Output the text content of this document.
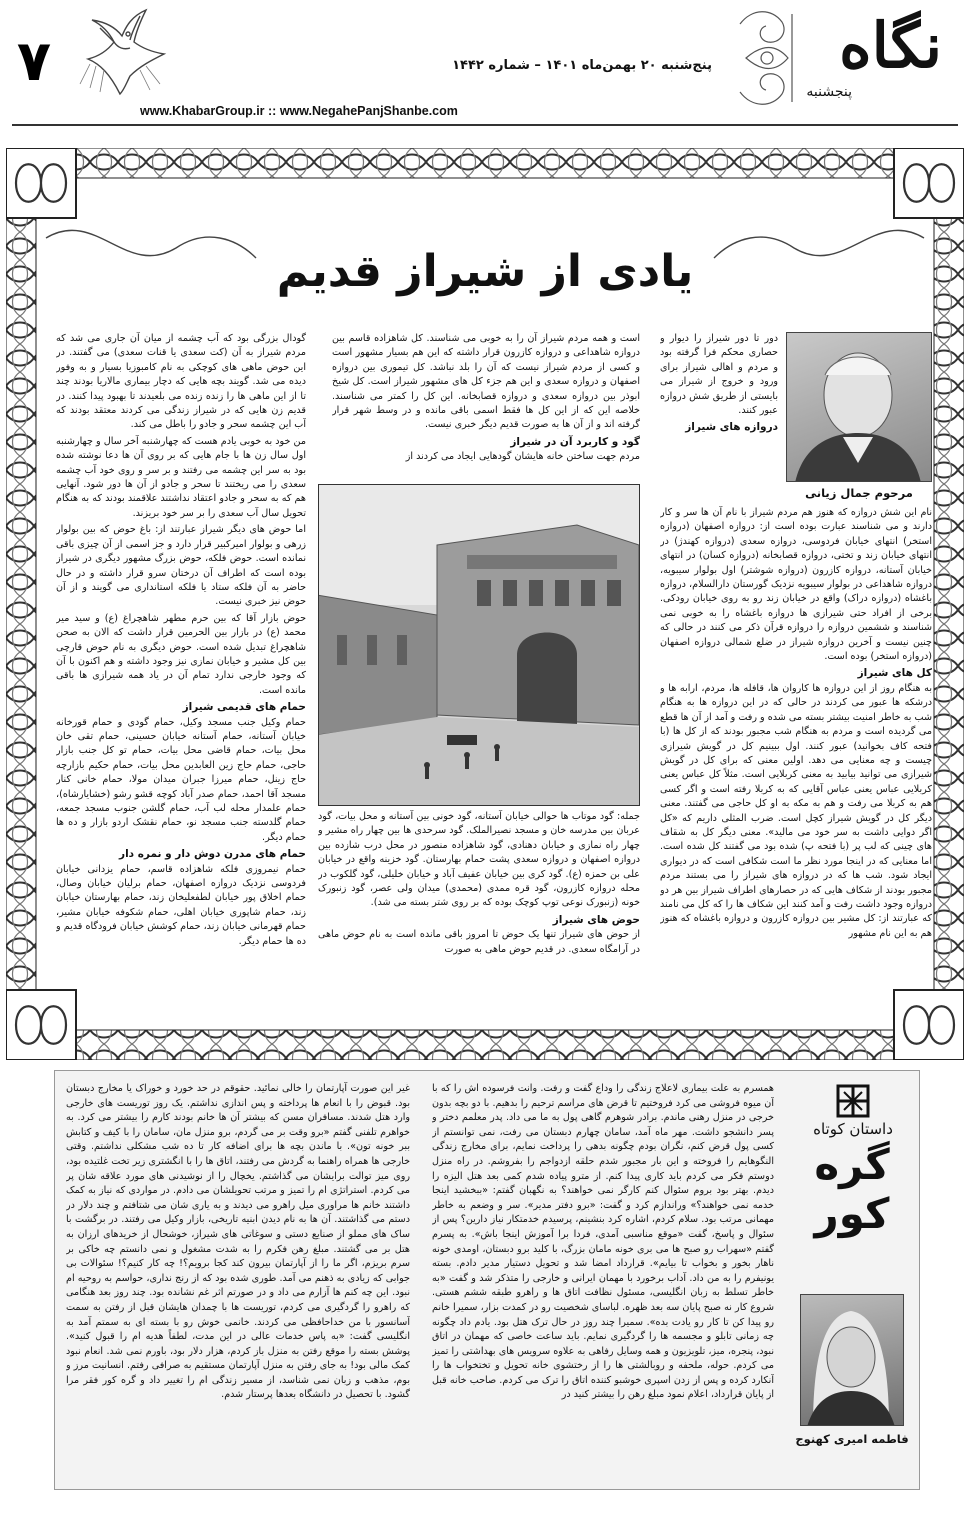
۷	نگاه
پنجشنبه
پنج‌شنبه ۲۰ بهمن‌ماه ۱۴۰۱ – شماره ۱۴۴۲
www.KhabarGroup.ir :: www.NegahePanjShanbe.com
یادی از شیراز قدیم

دور تا دور شیراز را دیوار و حصاری محکم فرا گرفته بود و مردم و اهالی شیراز برای ورود و خروج از شیراز می بایستی از طریق شش دروازه عبور کنند.

دروازه های شیراز
مرحوم جمال زیانی

نام این شش دروازه که هنوز هم مردم شیراز با نام آن ها سر و کار دارند و می شناسند عبارت بوده است از: دروازه اصفهان (دروازه استخر) انتهای خیابان فردوسی، دروازه سعدی (دروازه کهندژ) در انتهای خیابان زند و تختی، دروازه قصابخانه (دروازه کسان) در انتهای خیابان آستانه، دروازه کازرون (دروازه شوشتر) اول بولوار سیبویه، دروازه شاهداعی در بولوار سیبویه نزدیک گورستان دارالسلام، دروازه باغشاه (دروازه دراک) واقع در خیابان زند رو به روی خیابان رودکی. برخی از افراد حتی شیرازی ها دروازه باغشاه را به خوبی نمی شناسند و ششمین دروازه را دروازه قرآن ذکر می کنند در حالی که چنین نیست و آخرین دروازه شیراز در ضلع شمالی دروازه اصفهان (دروازه استخر) بوده است.

کل های شیراز

به هنگام روز از این دروازه ها کاروان ها، قافله ها، مردم، ارابه ها و درشکه ها عبور می کردند در حالی که در این دروازه ها به هنگام شب به خاطر امنیت بیشتر بسته می شده و رفت و آمد از آن ها قطع می گردیده است و مردم به هنگام شب مجبور بودند که از کل ها (با فتحه کاف بخوانید) عبور کنند. اول ببینیم کل در گویش شیرازی چیست و چه معنایی می دهد. اولین معنی که برای کل در گویش شیرازی می توانید بیابید به معنی کربلایی است. مثلاً کل عباس یعنی کربلایی عباس یعنی عباس آقایی که به کربلا رفته است و اگر کسی هم به کربلا می رفت و هم به مکه به او کل حاجی می گفتند. معنی دیگر کل در گویش شیراز کچل است. ضرب المثلی داریم که «کل اگر دوایی داشت به سر خود می مالید». معنی دیگر کل به شقاف های چینی که لب پر (با فتحه پ) شده بود می گفتند کل شده است. اما معنایی که در اینجا مورد نظر ما است شکافی است که در دیواری ایجاد شود. شب ها که در دروازه های شیراز را می بستند مردم مجبور بودند از شکاف هایی که در حصارهای اطراف شیراز بین هر دو دروازه وجود داشت رفت و آمد کنند این شکاف ها را که کل می نامند که عبارتند از: کل مشیر بین دروازه کازرون و دروازه باغشاه که هنوز هم به این نام مشهور

است و همه مردم شیراز آن را به خوبی می شناسند. کل شاهزاده قاسم بین دروازه شاهداعی و دروازه کازرون قرار داشته که این هم بسیار مشهور است و کسی از مردم شیراز نیست که آن را بلد نباشد. کل تیموری بین دروازه اصفهان و دروازه سعدی و این هم جزء کل های مشهور شیراز است. کل شیخ ابوذر بین دروازه سعدی و دروازه قصابخانه. این کل را کمتر می شناسند. خلاصه این که از این کل ها فقط اسمی باقی مانده و در وسط شهر قرار گرفته اند و از آن ها به صورت قدیم دیگر خبری نیست.

گود و کاربرد آن در شیراز

مردم جهت ساختن خانه هایشان گودهایی ایجاد می کردند از

جمله: گود موتاب ها حوالی خیابان آستانه، گود خونی بین آستانه و محل بیات، گود عربان بین مدرسه خان و مسجد نصیرالملک. گود سرحدی ها بین چهار راه مشیر و چهار راه نمازی و خیابان دهنادی، گود شاهزاده منصور در محل درب شازده بین دروازه اصفهان و دروازه سعدی پشت حمام بهارستان. گود خزینه واقع در خیابان علی بن حمزه (ع). گود کری بین خیابان عفیف آباد و خیابان خلیلی، گود گلکوب در محله دروازه کازرون، گود قره ممدی (محمدی) میدان ولی عصر، گود زنبورک خونه (زنبورک نوعی توپ کوچک بوده که بر روی شتر بسته می شد).

حوض های شیراز

از حوض های شیراز تنها یک حوض تا امروز باقی مانده است به نام حوض ماهی در آرامگاه سعدی. در قدیم حوض ماهی به صورت

گودال بزرگی بود که آب چشمه از میان آن جاری می شد که مردم شیراز به آن (کت سعدی یا قنات سعدی) می گفتند. در این حوض ماهی های کوچکی به نام کامبوزیا بسیار و به وفور دیده می شد. گویند بچه هایی که دچار بیماری مالاریا بودند چند تا از این ماهی ها را زنده زنده می بلعیدند تا بهبود پیدا کنند. در قدیم زن هایی که در شیراز زندگی می کردند معتقد بودند که آب این چشمه سحر و جادو را باطل می کند.

من خود به خوبی یادم هست که چهارشنبه آخر سال و چهارشنبه اول سال زن ها با جام هایی که بر روی آن ها دعا نوشته شده بود به سر این چشمه می رفتند و بر سر و روی خود آب چشمه سعدی را می ریختند تا سحر و جادو از آن ها دور شود. آنهایی هم که به سحر و جادو اعتقاد نداشتند علاقمند بودند که به هنگام تحویل سال آب سعدی را بر سر خود بریزند.

اما حوض های دیگر شیراز عبارتند از: باغ حوض که بین بولوار زرهی و بولوار امیرکبیر قرار دارد و جز اسمی از آن چیزی باقی نمانده است. حوض فلکه، حوض بزرگ مشهور دیگری در شیراز بوده است که اطراف آن درختان سرو قرار داشته و در حال حاضر به آن فلکه ستاد یا فلکه استانداری می گویند و از آن حوض نیز خبری نیست.

حوض بازار آقا که بین حرم مطهر شاهچراغ (ع) و سید میر محمد (ع) در بازار بین الحرمین قرار داشت که الان به صحن شاهچراغ تبدیل شده است. حوض دیگری به نام حوض قارچی بین کل مشیر و خیابان نمازی نیز وجود داشته و هم اکنون با آن که وجود خارجی ندارد تمام آن در یاد همه شیرازی ها باقی مانده است.

حمام های قدیمی شیراز

حمام وکیل جنب مسجد وکیل، حمام گودی و حمام قورخانه خیابان آستانه، حمام آستانه خیابان حسینی، حمام تقی خان محل بیات، حمام قاضی محل بیات، حمام تو کل جنب بازار حاجی، حمام حاج زین العابدین محل بیات، حمام حکیم بازارچه حاج زینل، حمام میرزا جبران میدان مولا، حمام خانی کنار مسجد آقا احمد، حمام صدر آباد کوچه قشو رشو (خشایارشاه)، حمام علمدار محله لب آب، حمام گلشن جنوب مسجد جمعه، حمام گلدسته جنب مسجد نو، حمام نقشک اردو بازار و ده ها حمام دیگر.

حمام های مدرن دوش دار و نمره دار

حمام نیمروزی فلکه شاهزاده قاسم، حمام یزدانی خیابان فردوسی نزدیک دروازه اصفهان، حمام برلیان خیابان وصال، حمام اخلاق پور خیابان لطفعلیخان زند، حمام بهارستان خیابان زند، حمام شاپوری خیابان اهلی، حمام شکوفه خیابان مشیر، حمام قهرمانی خیابان زند، حمام کوشش خیابان فرودگاه قدیم و ده ها حمام دیگر.

داستان کوتاه
گره کور
فاطمه امیری کهنوج

همسرم به علت بیماری لاعلاج زندگی را وداع گفت و رفت. وانت فرسوده اش را که با آن میوه فروشی می کرد فروختیم تا قرض های مراسم ترحیم را بدهیم. با دو بچه بدون خرجی در منزل رهنی ماندم. برادر شوهرم گاهی پول به ما می داد. پدر معلمم دختر و پسر دانشجو داشت. مهر ماه آمد، سامان چهارم دبستان می رفت، نمی توانستم از کسی پول قرض کنم، نگران بودم چگونه بدهی را پرداخت نمایم، برای مخارج زندگی النگوهایم را فروخته و این بار مجبور شدم حلقه ازدواجم را بفروشم. در راه منزل دوستم فکر می کردم باید کاری پیدا کنم. از مترو پیاده شدم کمی بعد هتل الیزه را دیدم. بهتر بود بروم سئوال کنم کارگر نمی خواهند؟ به نگهبان گفتم: «ببخشید اینجا خدمه نمی خواهند؟» وراندازم کرد و گفت: «برو دفتر مدیر». سر و وضعم به خاطر مهمانی مرتب بود. سلام کردم، اشاره کرد بنشینم، پرسیدم خدمتکار نیاز دارین؟ پس از سئوال و پاسخ، گفت «موقع مناسبی آمدی، فردا برا آموزش اینجا باش». به پسرم گفتم «سهراب رو صبح ها می بری خونه مامان بزرگ، با کلید برو دبستان، اومدی خونه ناهار بخور و بخواب تا بیایم». قرارداد امضا شد و تحویل دستیار مدیر دادم. بسته یونیفرم را به من داد. آداب برخورد با مهمان ایرانی و خارجی را متذکر شد و گفت «به خاطر تسلط به زبان انگلیسی، مسئول نظافت اتاق ها و راهرو طبقه ششم هستی. شروع کار نه صبح پایان سه بعد ظهره. لباسای شخصیت رو در کمدت بزار، سمیرا خانم رو پیدا کن تا کار رو یادت بده». سمیرا چند روز در حال ترک هتل بود. یادم داد چگونه چه زمانی تابلو و مجسمه ها را گردگیری نمایم. باید ساعت خاصی که مهمان در اتاق نبود، پنجره، میز، تلویزیون و همه وسایل رفاهی به علاوه سرویس های بهداشتی را تمیز می کردم. حوله، ملحفه و روبالشتی ها را از رختشوی خانه تحویل و تختخواب ها را آنکارد کرده و پس از زدن اسپری خوشبو کننده اتاق را ترک می کردم. صاحب خانه قبل از پایان قرارداد، اعلام نمود مبلغ رهن را بیشتر کنید در

غیر این صورت آپارتمان را خالی نمائید. حقوقم در حد خورد و خوراک یا مخارج دبستان بود. قبوض را با انعام ها پرداخته و پس اندازی نداشتم. یک روز توریست های خارجی وارد هتل شدند. مسافران مسن که بیشتر آن ها خانم بودند کارم را بیشتر می کرد. به خواهرم تلفنی گفتم «برو وقت بر می گردم، برو منزل مان، سامان را با کیف و کتابش ببر خونه تون». با ماندن بچه ها برای اضافه کار تا ده شب مشکلی نداشتم. وقتی خارجی ها همراه راهنما به گردش می رفتند، اتاق ها را با انگشتری زیر تخت غلتیده بود، روی میز توالت برایشان می گذاشتم. یخچال را از نوشیدنی های مورد علاقه شان پر می کردم. استراتژی ام را تمیز و مرتب تحویلشان می دادم. در مواردی که نیاز به کمک داشتند خانم ها مراوری میل راهرو می دیدند و به یاری شان می شتافتم و چند دلار در دستم می گذاشتند. آن ها به نام دیدن ابنیه تاریخی، بازار وکیل می رفتند. در برگشت با ساک های مملو از صنایع دستی و سوغاتی های شیراز، خوشحال از خریدهای ارزان به هتل بر می گشتند. مبلغ رهن فکرم را به شدت مشغول و نمی دانستم چه خاکی بر سرم بریزم، اگر ما را از آپارتمان بیرون کند کجا برویم؟! چه کار کنیم؟! سئوالات بی جوابی که زیادی به ذهنم می آمد. طوری شده بود که از رنج نداری، حواسم به روحیه ام نبود. این چه کنم ها آزارم می داد و در صورتم اثر غم نشانده بود. چند روز بعد هنگامی که راهرو را گردگیری می کردم، توریست ها با چمدان هایشان قبل از رفتن به سمت آسانسور با من خداحافظی می کردند. خانمی خوش رو با بسته ای به سمتم آمد به انگلیسی گفت: «به پاس خدمات عالی در این مدت، لطفاً هدیه ام را قبول کنید». پوشش بسته را موقع رفتن به منزل باز کردم، هزار دلار بود، باورم نمی شد. انعام نبود کمک مالی بود! به جای رفتن به منزل آپارتمان مستقیم به صرافی رفتم. انسانیت مرز و بوم، مذهب و زبان نمی شناسد، از مسیر زندگی ام را تغییر داد و گره کور فقر مرا گشود. با تحصیل در دانشگاه بعدها پرستار شدم.
